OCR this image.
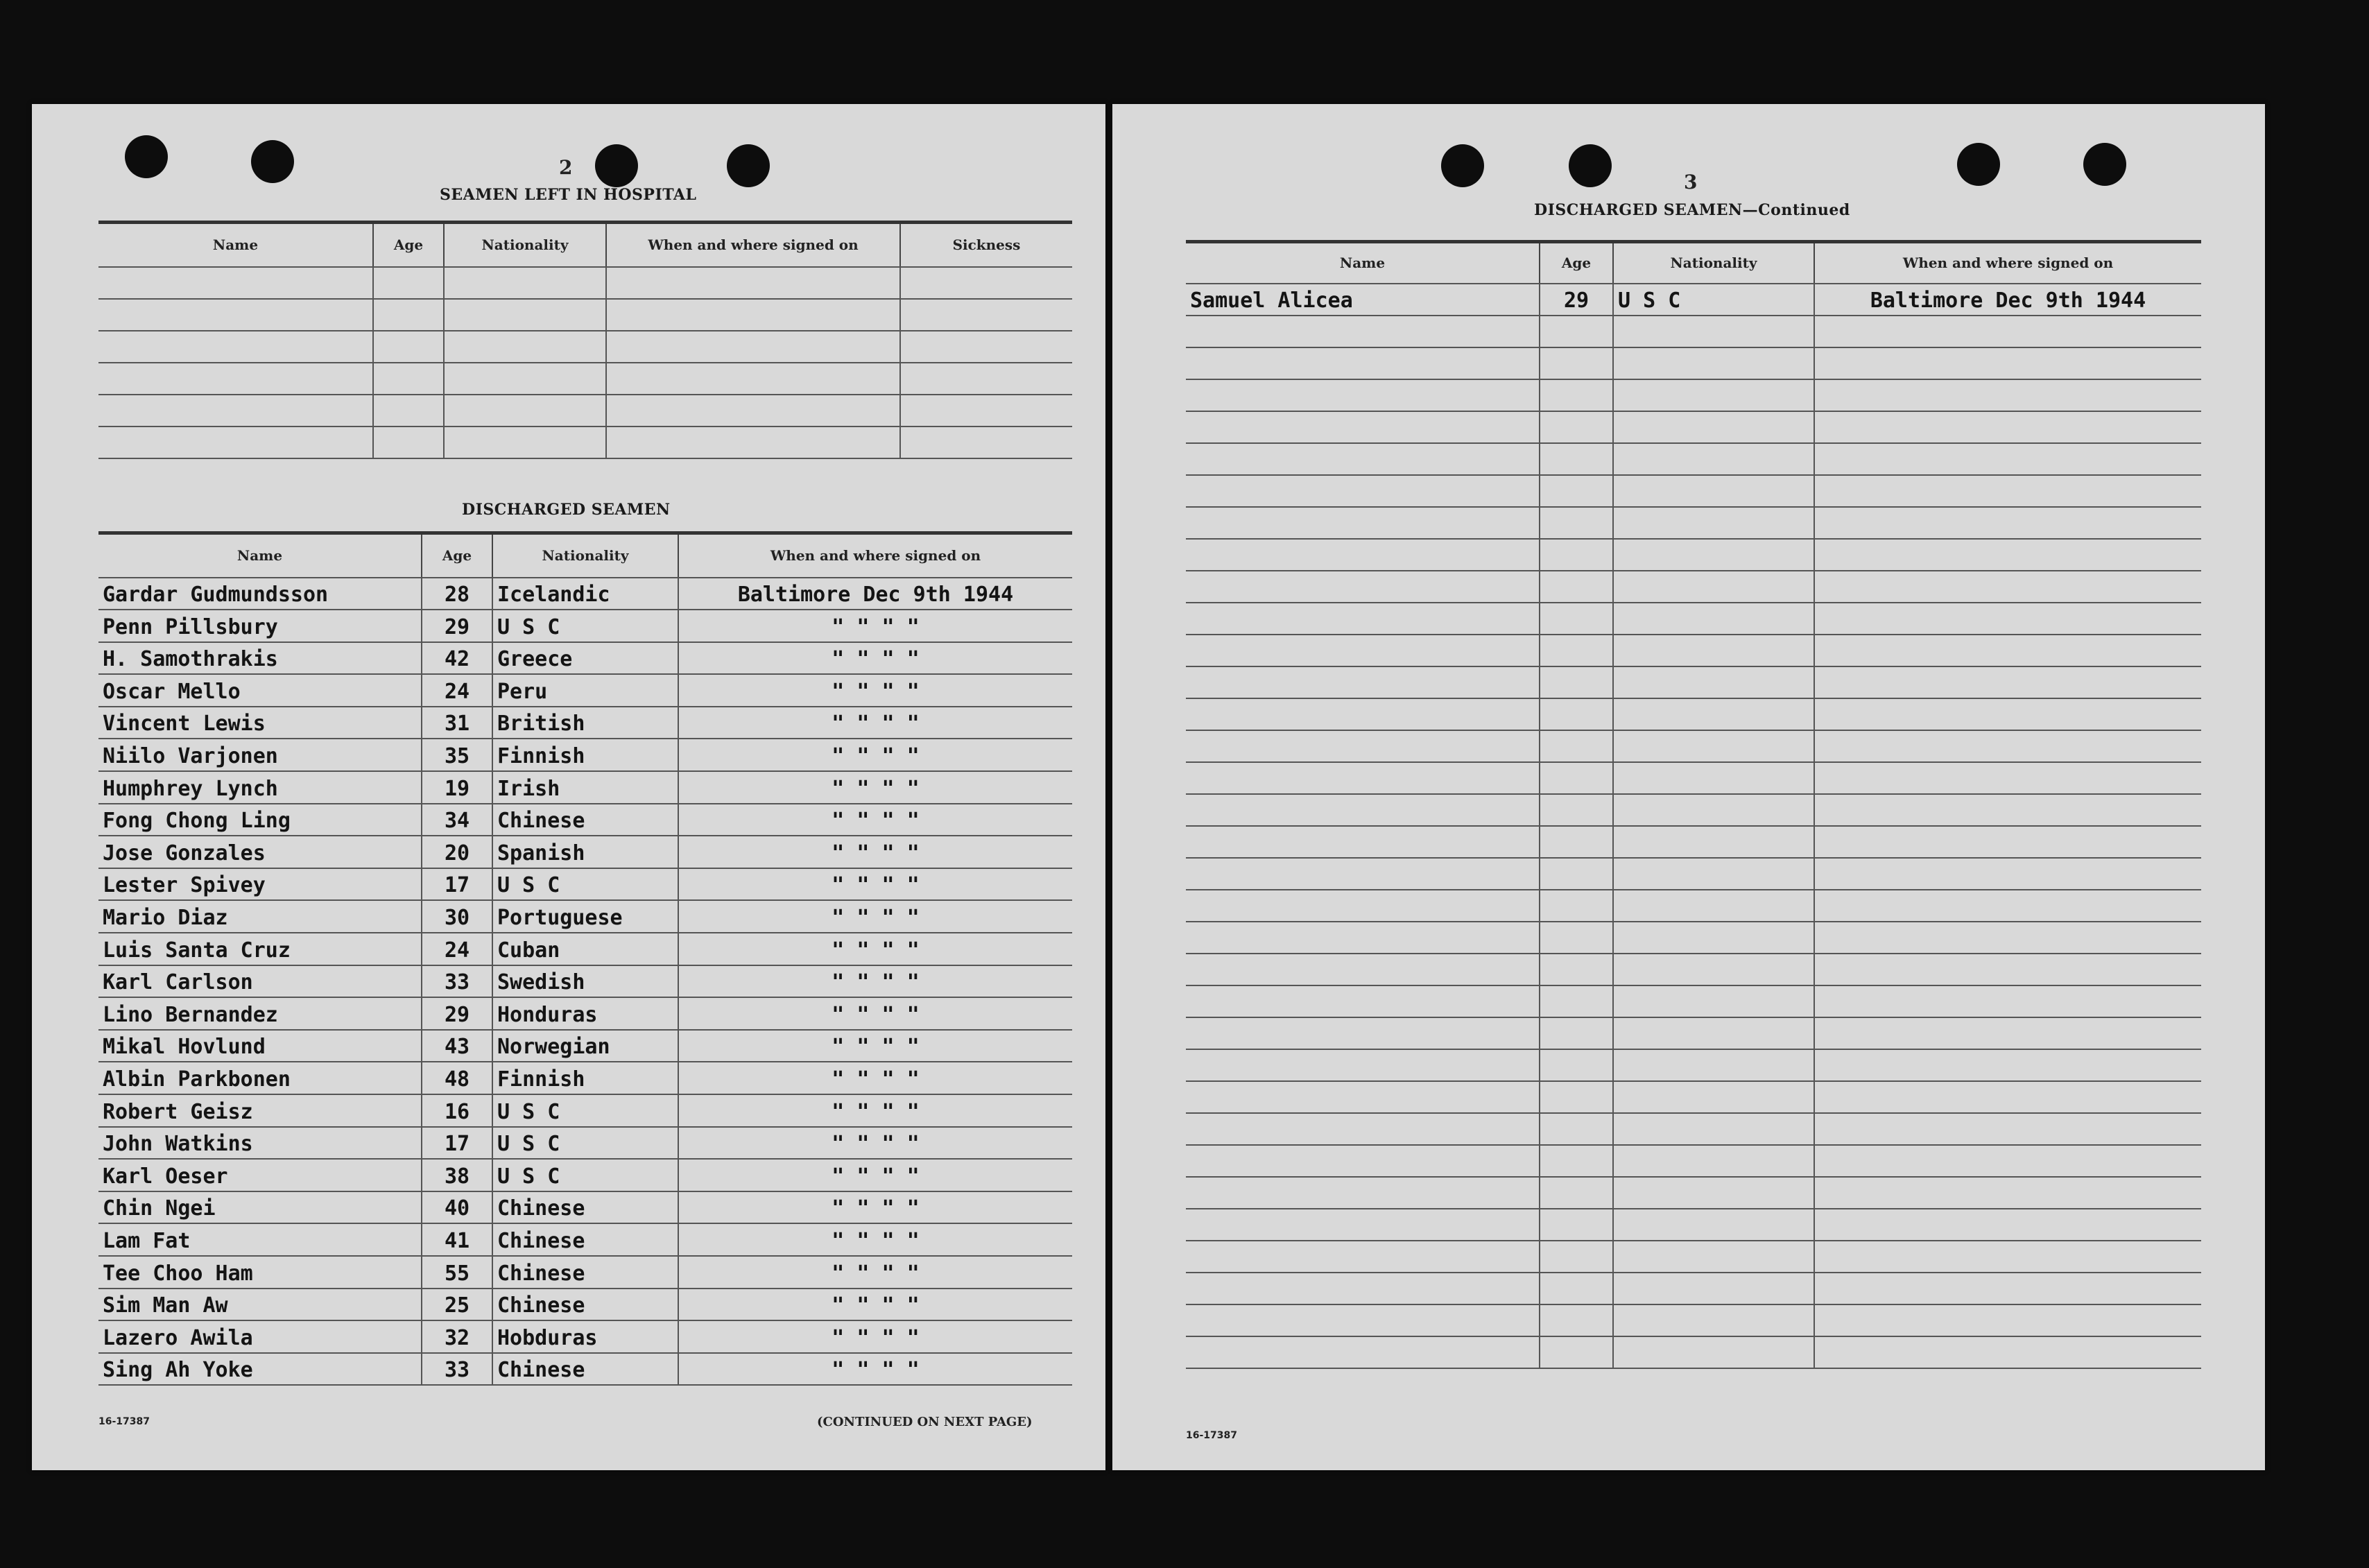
2
SEAMEN LEFT IN HOSPITAL
Name	Age	Nationality	When and where signed on	Sickness

DISCHARGED SEAMEN
Name	Age	Nationality	When and where signed on
Gardar Gudmundsson	28	Icelandic	Baltimore Dec 9th 1944
Penn Pillsbury	29	U S C	" " " "
H. Samothrakis	42	Greece	" " " "
Oscar Mello	24	Peru	" " " "
Vincent Lewis	31	British	" " " "
Niilo Varjonen	35	Finnish	" " " "
Humphrey Lynch	19	Irish	" " " "
Fong Chong Ling	34	Chinese	" " " "
Jose Gonzales	20	Spanish	" " " "
Lester Spivey	17	U S C	" " " "
Mario Diaz	30	Portuguese	" " " "
Luis Santa Cruz	24	Cuban	" " " "
Karl Carlson	33	Swedish	" " " "
Lino Bernandez	29	Honduras	" " " "
Mikal Hovlund	43	Norwegian	" " " "
Albin Parkbonen	48	Finnish	" " " "
Robert Geisz	16	U S C	" " " "
John Watkins	17	U S C	" " " "
Karl Oeser	38	U S C	" " " "
Chin Ngei	40	Chinese	" " " "
Lam Fat	41	Chinese	" " " "
Tee Choo Ham	55	Chinese	" " " "
Sim Man Aw	25	Chinese	" " " "
Lazero Awila	32	Hobduras	" " " "
Sing Ah Yoke	33	Chinese	" " " "
16-17387	(CONTINUED ON NEXT PAGE)
3
DISCHARGED SEAMEN—Continued
Name	Age	Nationality	When and where signed on
Samuel Alicea	29	U S C	Baltimore Dec 9th 1944

16-17387
